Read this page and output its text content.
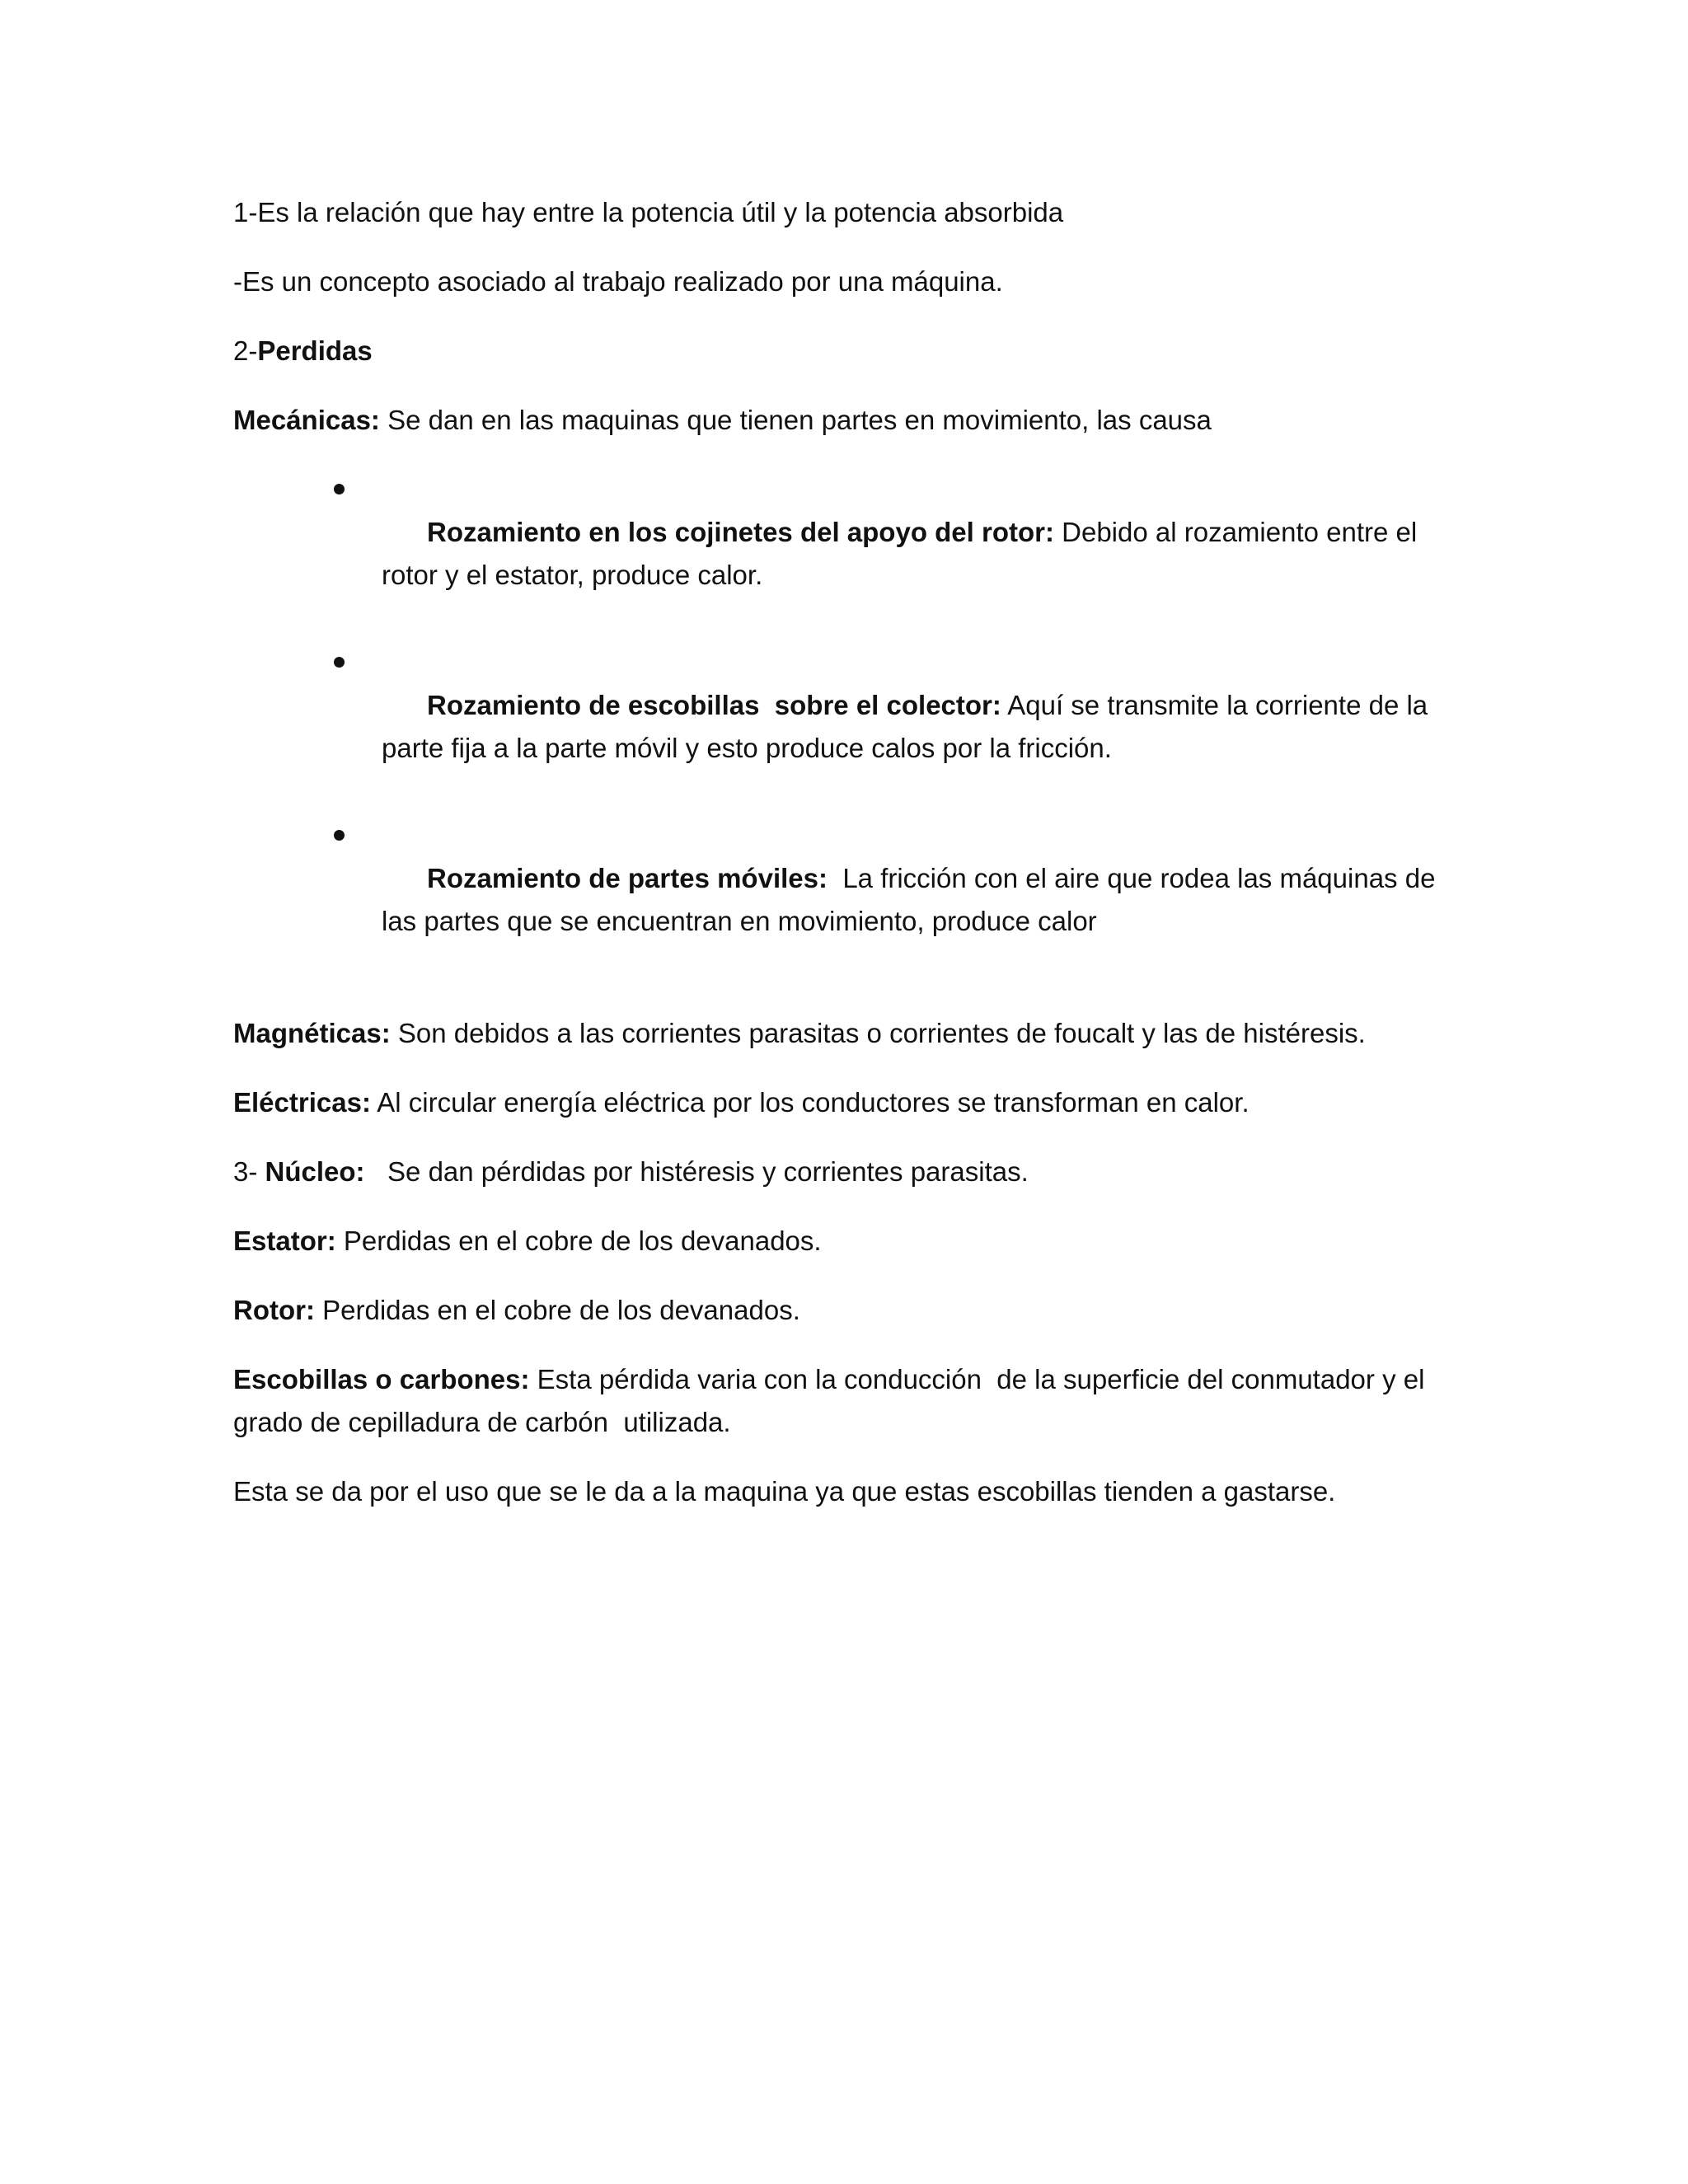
1-Es la relación que hay entre la potencia útil y la potencia absorbida

-Es un concepto asociado al trabajo realizado por una máquina.

2-Perdidas

Mecánicas: Se dan en las maquinas que tienen partes en movimiento, las causa

Rozamiento en los cojinetes del apoyo del rotor: Debido al rozamiento entre el rotor y el estator, produce calor.

Rozamiento de escobillas  sobre el colector: Aquí se transmite la corriente de la parte fija a la parte móvil y esto produce calos por la fricción.

Rozamiento de partes móviles:  La fricción con el aire que rodea las máquinas de las partes que se encuentran en movimiento, produce calor

Magnéticas: Son debidos a las corrientes parasitas o corrientes de foucalt y las de histéresis.

Eléctricas: Al circular energía eléctrica por los conductores se transforman en calor.

3- Núcleo:   Se dan pérdidas por histéresis y corrientes parasitas.

Estator: Perdidas en el cobre de los devanados.

Rotor: Perdidas en el cobre de los devanados.

Escobillas o carbones: Esta pérdida varia con la conducción  de la superficie del conmutador y el grado de cepilladura de carbón  utilizada.

Esta se da por el uso que se le da a la maquina ya que estas escobillas tienden a gastarse.
